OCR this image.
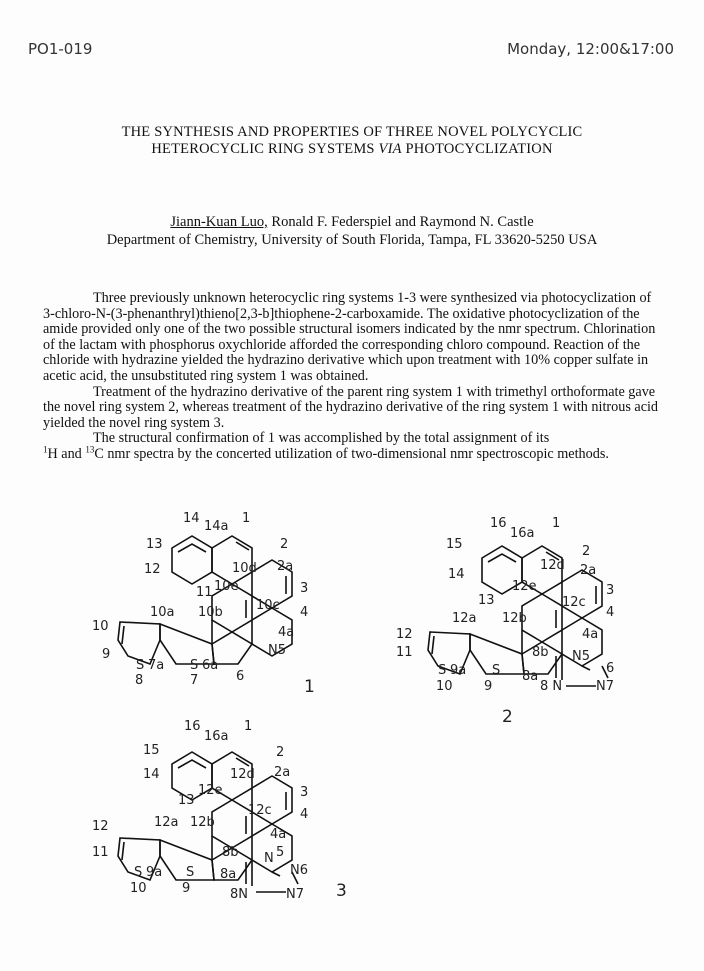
PO1-019	Monday, 12:00&17:00
THE SYNTHESIS AND PROPERTIES OF THREE NOVEL POLYCYCLIC
HETEROCYCLIC RING SYSTEMS VIA PHOTOCYCLIZATION
Jiann-Kuan Luo, Ronald F. Federspiel and Raymond N. Castle
Department of Chemistry, University of South Florida, Tampa, FL 33620-5250 USA

Three previously unknown heterocyclic ring systems 1-3 were synthesized via photocyclization of 3-chloro-N-(3-phenanthryl)thieno[2,3-b]thiophene-2-carboxamide. The oxidative photocyclization of the amide provided only one of the two possible structural isomers indicated by the nmr spectrum. Chlorination of the lactam with phosphorus oxychloride afforded the corresponding chloro compound. Reaction of the chloride with hydrazine yielded the hydrazino derivative which upon treatment with 10% copper sulfate in acetic acid, the unsubstituted ring system 1 was obtained.

Treatment of the hydrazino derivative of the parent ring system 1 with trimethyl orthoformate gave the novel ring system 2, whereas treatment of the hydrazino derivative of the ring system 1 with nitrous acid yielded the novel ring system 3.

The structural confirmation of 1 was accomplished by the total assignment of its
$^1$H and $^{13}$C nmr spectra by the concerted utilization of two-dimensional nmr spectroscopic methods.

14
14a
1
13	2
12	10d 2a
11 10e	3
10c 4
10a 10b
4a
10
9	N5
S 7a S 6a
8	7	6
1
16
16a
1
15	2
14
12d 2a
13
12e	3
12c
4
12a 12b
4a
12
11	N5
8b
6
S 9a S 8a
10 9	8 N	N7
2
16
16a
1
15	2
14	12d 2a
13
12e	3
12c 4
12a 12b
4a
12
11	N 5
8b
N6
S 9a S 8a
10	9	8N	N7 3
